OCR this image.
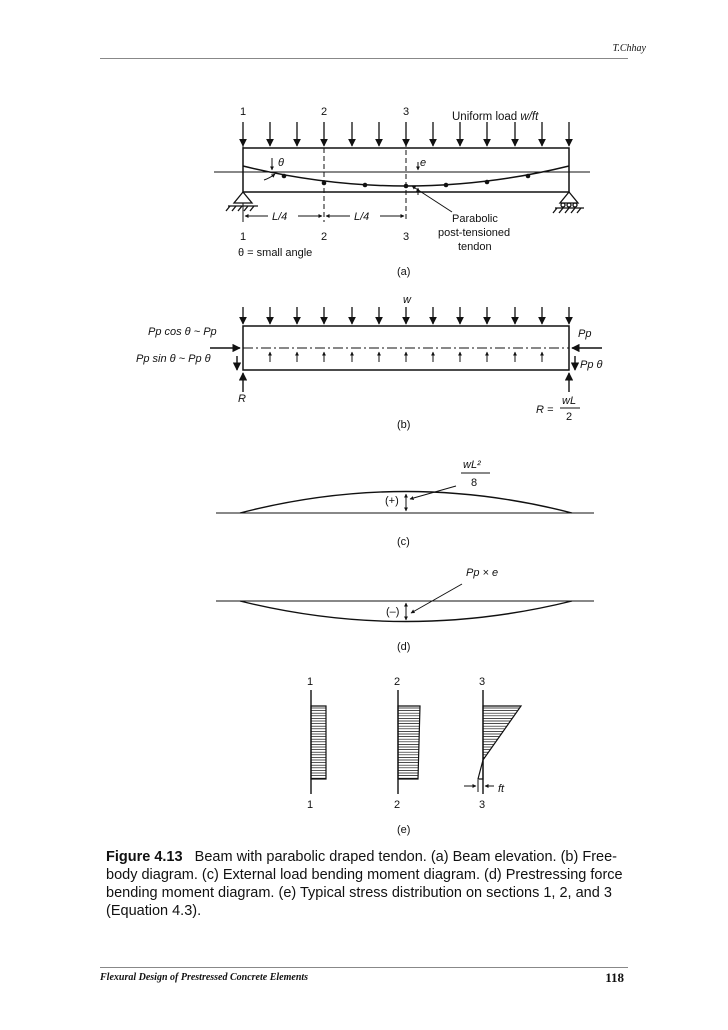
T.Chhay
1	2	3	Uniform load w/ft
θ	e
L/4	L/4
1	2	3
Parabolic
post-tensioned
tendon
θ = small angle
(a)
w
Pp cos θ ~ Pp
Pp sin θ ~ Pp θ
Pp
Pp θ
R
R =
wL
2
(b)
(+)
wL²
8
(c)
(–)
Pp × e
(d)
1	2	3
1	2	3
ft
(e)
Figure 4.13 Beam with parabolic draped tendon. (a) Beam elevation. (b) Free-body diagram. (c) External load bending moment diagram. (d) Prestressing force bending moment diagram. (e) Typical stress distribution on sections 1, 2, and 3 (Equation 4.3).
Flexural Design of Prestressed Concrete Elements	118
